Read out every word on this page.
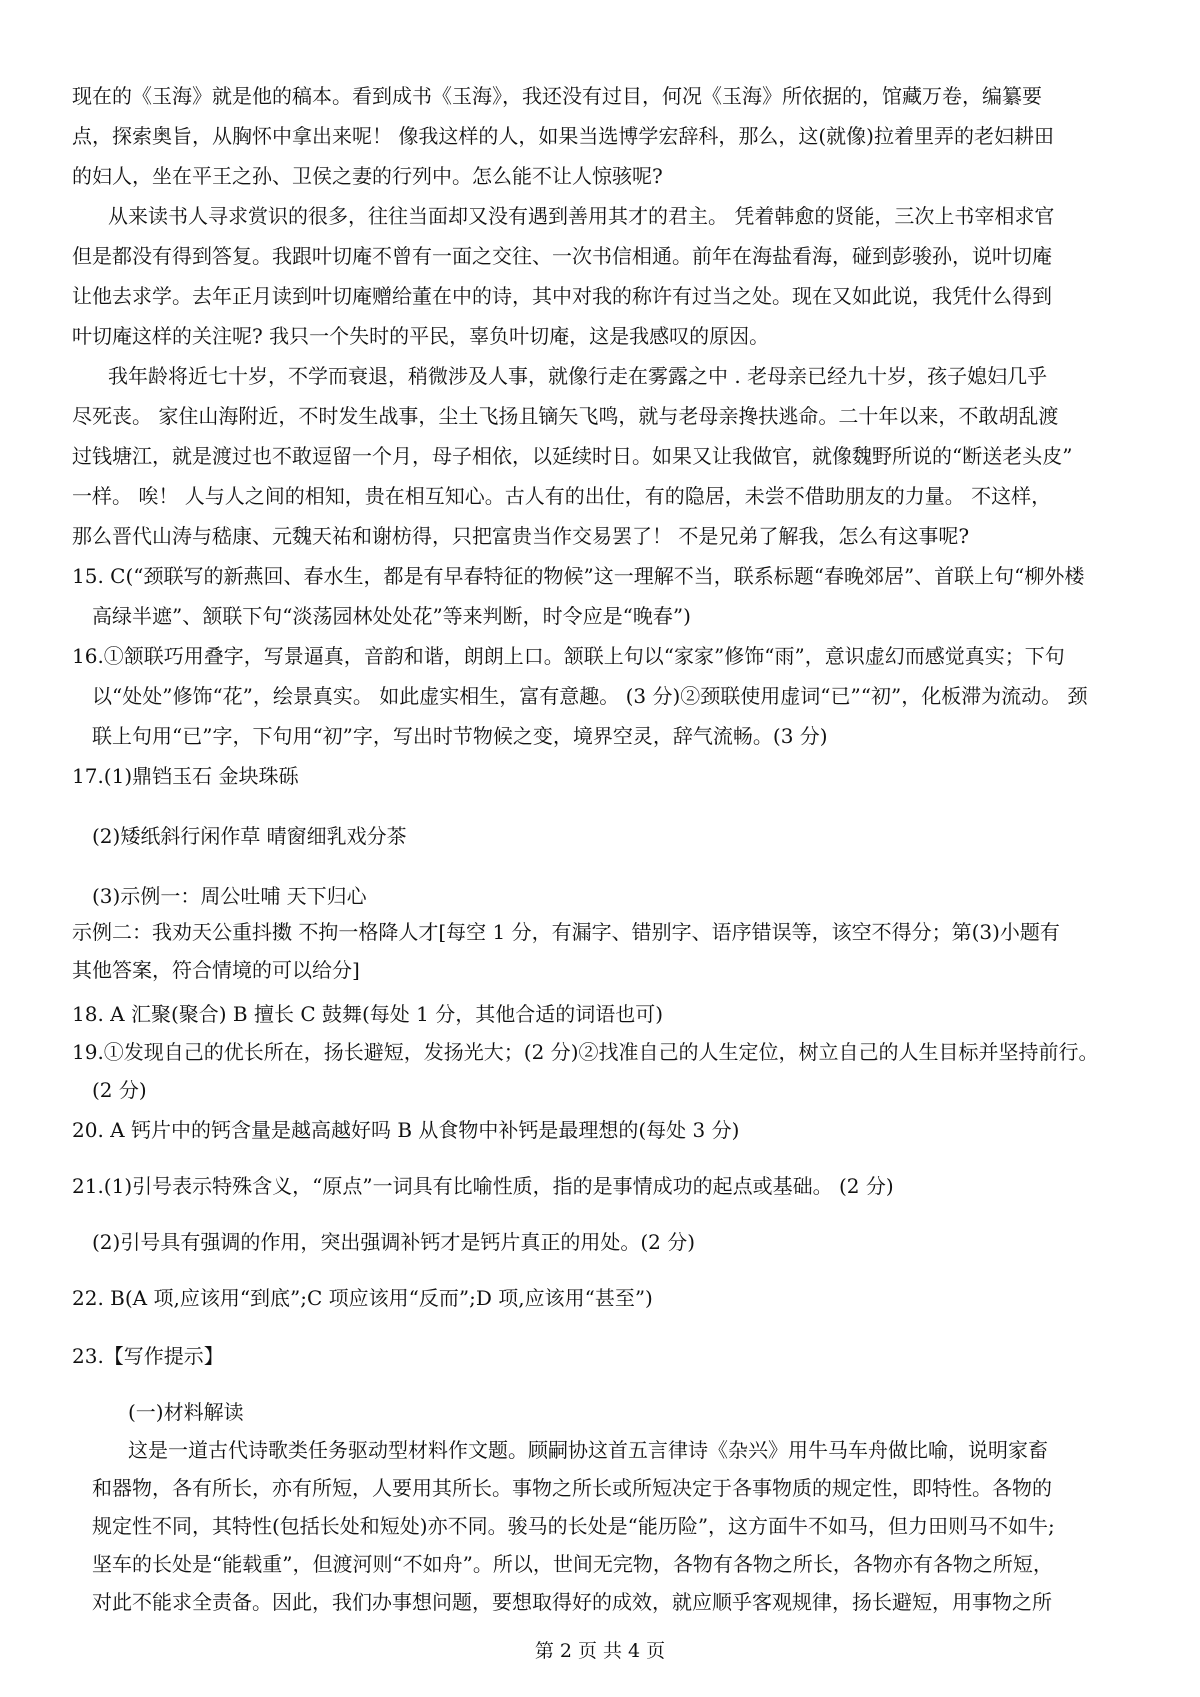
现在的《玉海》就是他的稿本。看到成书《玉海》，我还没有过目，何况《玉海》所依据的，馆藏万卷，编纂要
点，探索奥旨，从胸怀中拿出来呢！ 像我这样的人，如果当选博学宏辞科，那么，这(就像)拉着里弄的老妇耕田
的妇人，坐在平王之孙、卫侯之妻的行列中。怎么能不让人惊骇呢?
从来读书人寻求赏识的很多，往往当面却又没有遇到善用其才的君主。 凭着韩愈的贤能，三次上书宰相求官
但是都没有得到答复。我跟叶切庵不曾有一面之交往、一次书信相通。前年在海盐看海，碰到彭骏孙，说叶切庵
让他去求学。去年正月读到叶切庵赠给董在中的诗，其中对我的称许有过当之处。现在又如此说，我凭什么得到
叶切庵这样的关注呢? 我只一个失时的平民，辜负叶切庵，这是我感叹的原因。
我年龄将近七十岁，不学而衰退，稍微涉及人事，就像行走在雾露之中 . 老母亲已经九十岁，孩子媳妇几乎
尽死丧。 家住山海附近，不时发生战事，尘土飞扬且镝矢飞鸣，就与老母亲搀扶逃命。二十年以来，不敢胡乱渡
过钱塘江，就是渡过也不敢逗留一个月，母子相依，以延续时日。如果又让我做官，就像魏野所说的“断送老头皮”
一样。 唉！ 人与人之间的相知，贵在相互知心。古人有的出仕，有的隐居，未尝不借助朋友的力量。 不这样，
那么晋代山涛与嵇康、元魏天祐和谢枋得，只把富贵当作交易罢了！ 不是兄弟了解我，怎么有这事呢?
15. C(“颈联写的新燕回、春水生，都是有早春特征的物候”这一理解不当，联系标题“春晚郊居”、首联上句“柳外楼
高绿半遮”、颔联下句“淡荡园林处处花”等来判断，时令应是“晚春”)
16.①颔联巧用叠字，写景逼真，音韵和谐，朗朗上口。颔联上句以“家家”修饰“雨”，意识虚幻而感觉真实；下句
以“处处”修饰“花”，绘景真实。 如此虚实相生，富有意趣。 (3 分)②颈联使用虚词“已”“初”，化板滞为流动。 颈
联上句用“已”字，下句用“初”字，写出时节物候之变，境界空灵，辞气流畅。(3 分)
17.(1)鼎铛玉石 金块珠砾
(2)矮纸斜行闲作草 晴窗细乳戏分茶
(3)示例一：周公吐哺 天下归心
示例二：我劝天公重抖擞 不拘一格降人才[每空 1 分，有漏字、错别字、语序错误等，该空不得分；第(3)小题有
其他答案，符合情境的可以给分]
18. A 汇聚(聚合) B 擅长 C 鼓舞(每处 1 分，其他合适的词语也可)
19.①发现自己的优长所在，扬长避短，发扬光大；(2 分)②找准自己的人生定位，树立自己的人生目标并坚持前行。
(2 分)
20. A 钙片中的钙含量是越高越好吗 B 从食物中补钙是最理想的(每处 3 分)
21.(1)引号表示特殊含义，“原点”一词具有比喻性质，指的是事情成功的起点或基础。 (2 分)
(2)引号具有强调的作用，突出强调补钙才是钙片真正的用处。(2 分)
22. B(A 项,应该用“到底”;C 项应该用“反而”;D 项,应该用“甚至”)
23.【写作提示】
(一)材料解读
这是一道古代诗歌类任务驱动型材料作文题。顾嗣协这首五言律诗《杂兴》用牛马车舟做比喻，说明家畜
和器物，各有所长，亦有所短，人要用其所长。事物之所长或所短决定于各事物质的规定性，即特性。各物的
规定性不同，其特性(包括长处和短处)亦不同。骏马的长处是“能历险”，这方面牛不如马，但力田则马不如牛;
坚车的长处是“能载重”，但渡河则“不如舟”。所以，世间无完物，各物有各物之所长，各物亦有各物之所短，
对此不能求全责备。因此，我们办事想问题，要想取得好的成效，就应顺乎客观规律，扬长避短，用事物之所
第 2 页 共 4 页
